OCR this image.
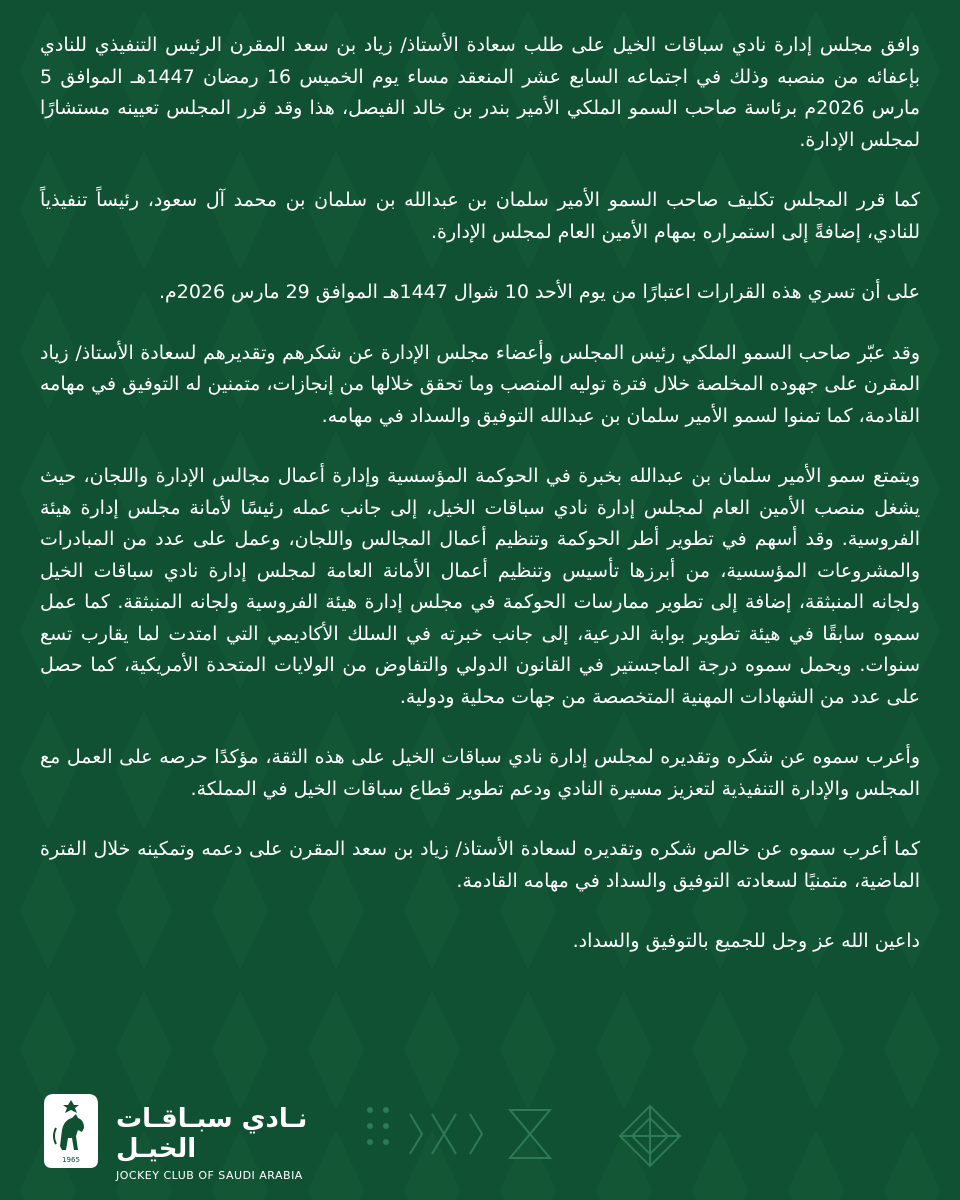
وافق مجلس إدارة نادي سباقات الخيل على طلب سعادة الأستاذ/ زياد بن سعد المقرن الرئيس التنفيذي للنادي بإعفائه من منصبه وذلك في اجتماعه السابع عشر المنعقد مساء يوم الخميس 16 رمضان 1447هـ الموافق 5 مارس 2026م برئاسة صاحب السمو الملكي الأمير بندر بن خالد الفيصل، هذا وقد قرر المجلس تعيينه مستشارًا لمجلس الإدارة.

كما قرر المجلس تكليف صاحب السمو الأمير سلمان بن عبدالله بن سلمان بن محمد آل سعود، رئيساً تنفيذياً للنادي، إضافةً إلى استمراره بمهام الأمين العام لمجلس الإدارة.

على أن تسري هذه القرارات اعتبارًا من يوم الأحد 10 شوال 1447هـ الموافق 29 مارس 2026م.

وقد عبّر صاحب السمو الملكي رئيس المجلس وأعضاء مجلس الإدارة عن شكرهم وتقديرهم لسعادة الأستاذ/ زياد المقرن على جهوده المخلصة خلال فترة توليه المنصب وما تحقق خلالها من إنجازات، متمنين له التوفيق في مهامه القادمة، كما تمنوا لسمو الأمير سلمان بن عبدالله التوفيق والسداد في مهامه.

ويتمتع سمو الأمير سلمان بن عبدالله بخبرة في الحوكمة المؤسسية وإدارة أعمال مجالس الإدارة واللجان، حيث يشغل منصب الأمين العام لمجلس إدارة نادي سباقات الخيل، إلى جانب عمله رئيسًا لأمانة مجلس إدارة هيئة الفروسية. وقد أسهم في تطوير أطر الحوكمة وتنظيم أعمال المجالس واللجان، وعمل على عدد من المبادرات والمشروعات المؤسسية، من أبرزها تأسيس وتنظيم أعمال الأمانة العامة لمجلس إدارة نادي سباقات الخيل ولجانه المنبثقة، إضافة إلى تطوير ممارسات الحوكمة في مجلس إدارة هيئة الفروسية ولجانه المنبثقة. كما عمل سموه سابقًا في هيئة تطوير بوابة الدرعية، إلى جانب خبرته في السلك الأكاديمي التي امتدت لما يقارب تسع سنوات. ويحمل سموه درجة الماجستير في القانون الدولي والتفاوض من الولايات المتحدة الأمريكية، كما حصل على عدد من الشهادات المهنية المتخصصة من جهات محلية ودولية.

وأعرب سموه عن شكره وتقديره لمجلس إدارة نادي سباقات الخيل على هذه الثقة، مؤكدًا حرصه على العمل مع المجلس والإدارة التنفيذية لتعزيز مسيرة النادي ودعم تطوير قطاع سباقات الخيل في المملكة.

كما أعرب سموه عن خالص شكره وتقديره لسعادة الأستاذ/ زياد بن سعد المقرن على دعمه وتمكينه خلال الفترة الماضية، متمنيًا لسعادته التوفيق والسداد في مهامه القادمة.

داعين الله عز وجل للجميع بالتوفيق والسداد.

1965
نـادي سبـاقـات الخيـل
JOCKEY CLUB OF SAUDI ARABIA
